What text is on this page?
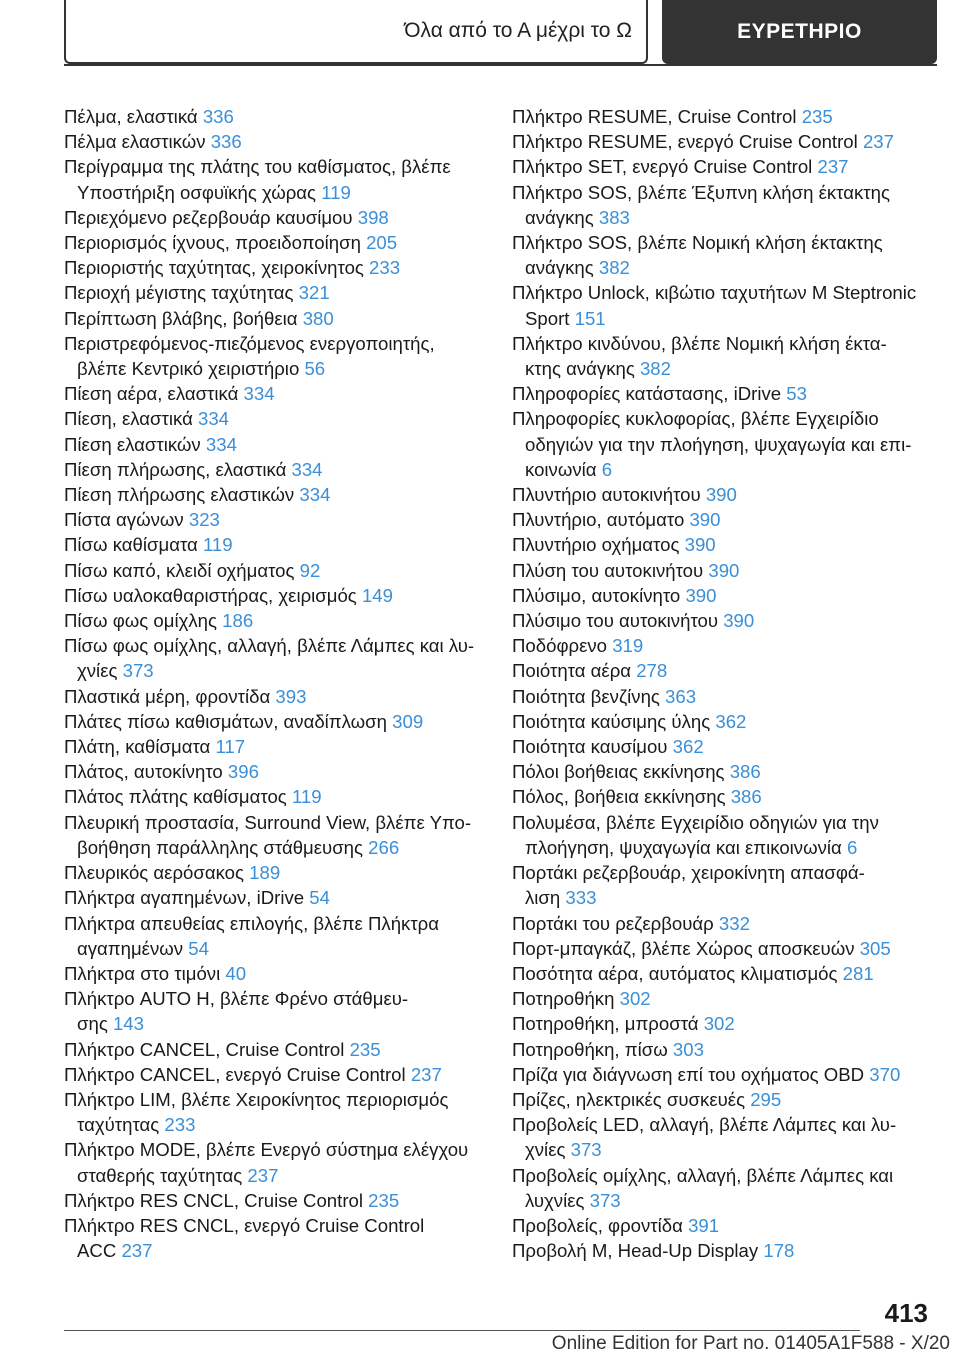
Όλα από το Α μέχρι το Ω	ΕΥΡΕΤΗΡΙΟ
Πέλμα, ελαστικά 336
Πέλμα ελαστικών 336
Περίγραμμα της πλάτης του καθίσματος, βλέπε
Υποστήριξη οσφυϊκής χώρας 119
Περιεχόμενο ρεζερβουάρ καυσίμου 398
Περιορισμός ίχνους, προειδοποίηση 205
Περιοριστής ταχύτητας, χειροκίνητος 233
Περιοχή μέγιστης ταχύτητας 321
Περίπτωση βλάβης, βοήθεια 380
Περιστρεφόμενος-πιεζόμενος ενεργοποιητής,
βλέπε Κεντρικό χειριστήριο 56
Πίεση αέρα, ελαστικά 334
Πίεση, ελαστικά 334
Πίεση ελαστικών 334
Πίεση πλήρωσης, ελαστικά 334
Πίεση πλήρωσης ελαστικών 334
Πίστα αγώνων 323
Πίσω καθίσματα 119
Πίσω καπό, κλειδί οχήματος 92
Πίσω υαλοκαθαριστήρας, χειρισμός 149
Πίσω φως ομίχλης 186
Πίσω φως ομίχλης, αλλαγή, βλέπε Λάμπες και λυ-
χνίες 373
Πλαστικά μέρη, φροντίδα 393
Πλάτες πίσω καθισμάτων, αναδίπλωση 309
Πλάτη, καθίσματα 117
Πλάτος, αυτοκίνητο 396
Πλάτος πλάτης καθίσματος 119
Πλευρική προστασία, Surround View, βλέπε Υπο-
βοήθηση παράλληλης στάθμευσης 266
Πλευρικός αερόσακος 189
Πλήκτρα αγαπημένων, iDrive 54
Πλήκτρα απευθείας επιλογής, βλέπε Πλήκτρα
αγαπημένων 54
Πλήκτρα στο τιμόνι 40
Πλήκτρο AUTO H, βλέπε Φρένο στάθμευ-
σης 143
Πλήκτρο CANCEL, Cruise Control 235
Πλήκτρο CANCEL, ενεργό Cruise Control 237
Πλήκτρο LIM, βλέπε Χειροκίνητος περιορισμός
ταχύτητας 233
Πλήκτρο MODE, βλέπε Ενεργό σύστημα ελέγχου
σταθερής ταχύτητας 237
Πλήκτρο RES CNCL, Cruise Control 235
Πλήκτρο RES CNCL, ενεργό Cruise Control
ACC 237
Πλήκτρο RESUME, Cruise Control 235
Πλήκτρο RESUME, ενεργό Cruise Control 237
Πλήκτρο SET, ενεργό Cruise Control 237
Πλήκτρο SOS, βλέπε Έξυπνη κλήση έκτακτης
ανάγκης 383
Πλήκτρο SOS, βλέπε Νομική κλήση έκτακτης
ανάγκης 382
Πλήκτρο Unlock, κιβώτιο ταχυτήτων M Steptronic
Sport 151
Πλήκτρο κινδύνου, βλέπε Νομική κλήση έκτα-
κτης ανάγκης 382
Πληροφορίες κατάστασης, iDrive 53
Πληροφορίες κυκλοφορίας, βλέπε Εγχειρίδιο
οδηγιών για την πλοήγηση, ψυχαγωγία και επι-
κοινωνία 6
Πλυντήριο αυτοκινήτου 390
Πλυντήριο, αυτόματο 390
Πλυντήριο οχήματος 390
Πλύση του αυτοκινήτου 390
Πλύσιμο, αυτοκίνητο 390
Πλύσιμο του αυτοκινήτου 390
Ποδόφρενο 319
Ποιότητα αέρα 278
Ποιότητα βενζίνης 363
Ποιότητα καύσιμης ύλης 362
Ποιότητα καυσίμου 362
Πόλοι βοήθειας εκκίνησης 386
Πόλος, βοήθεια εκκίνησης 386
Πολυμέσα, βλέπε Εγχειρίδιο οδηγιών για την
πλοήγηση, ψυχαγωγία και επικοινωνία 6
Πορτάκι ρεζερβουάρ, χειροκίνητη απασφά-
λιση 333
Πορτάκι του ρεζερβουάρ 332
Πορτ-μπαγκάζ, βλέπε Χώρος αποσκευών 305
Ποσότητα αέρα, αυτόματος κλιματισμός 281
Ποτηροθήκη 302
Ποτηροθήκη, μπροστά 302
Ποτηροθήκη, πίσω 303
Πρίζα για διάγνωση επί του οχήματος OBD 370
Πρίζες, ηλεκτρικές συσκευές 295
Προβολείς LED, αλλαγή, βλέπε Λάμπες και λυ-
χνίες 373
Προβολείς ομίχλης, αλλαγή, βλέπε Λάμπες και
λυχνίες 373
Προβολείς, φροντίδα 391
Προβολή M, Head-Up Display 178
413
Online Edition for Part no. 01405A1F588 - X/20
